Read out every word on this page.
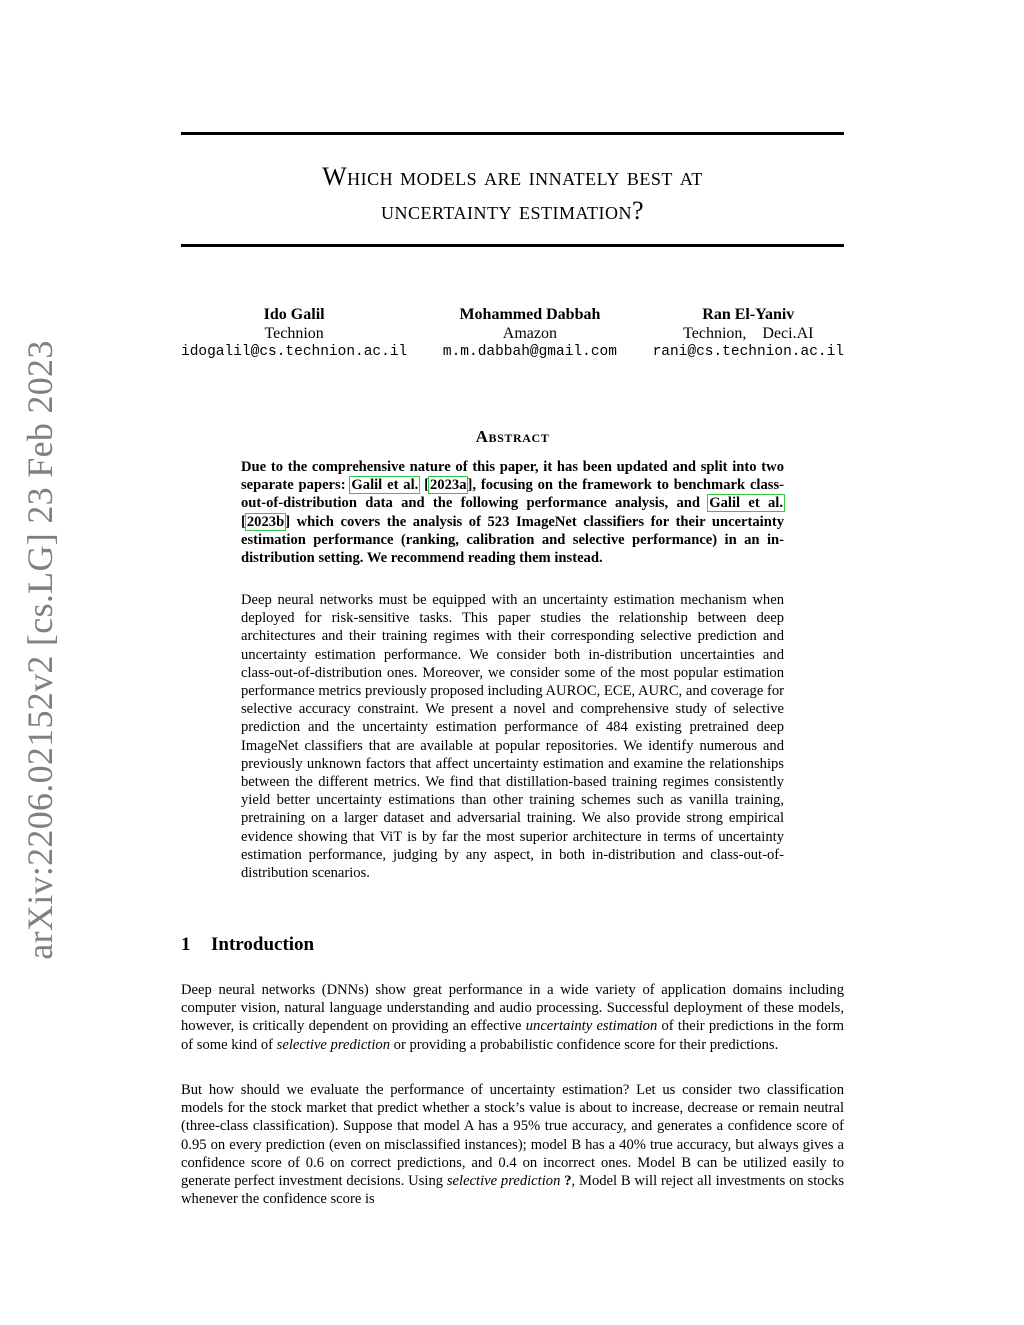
arXiv:2206.02152v2 [cs.LG] 23 Feb 2023
Which models are innately best at
uncertainty estimation?
Ido Galil
Technion
idogalil@cs.technion.ac.il
Mohammed Dabbah
Amazon
m.m.dabbah@gmail.com
Ran El-Yaniv
Technion,    Deci.AI
rani@cs.technion.ac.il
Abstract

Due to the comprehensive nature of this paper, it has been updated and split into two separate papers: Galil et al. [2023a], focusing on the framework to benchmark class-out-of-distribution data and the following performance analysis, and Galil et al. [2023b] which covers the analysis of 523 ImageNet classifiers for their uncertainty estimation performance (ranking, calibration and selective performance) in an in-distribution setting. We recommend reading them instead.

Deep neural networks must be equipped with an uncertainty estimation mechanism when deployed for risk-sensitive tasks. This paper studies the relationship between deep architectures and their training regimes with their corresponding selective prediction and uncertainty estimation performance. We consider both in-distribution uncertainties and class-out-of-distribution ones. Moreover, we consider some of the most popular estimation performance metrics previously proposed including AUROC, ECE, AURC, and coverage for selective accuracy constraint. We present a novel and comprehensive study of selective prediction and the uncertainty estimation performance of 484 existing pretrained deep ImageNet classifiers that are available at popular repositories. We identify numerous and previously unknown factors that affect uncertainty estimation and examine the relationships between the different metrics. We find that distillation-based training regimes consistently yield better uncertainty estimations than other training schemes such as vanilla training, pretraining on a larger dataset and adversarial training. We also provide strong empirical evidence showing that ViT is by far the most superior architecture in terms of uncertainty estimation performance, judging by any aspect, in both in-distribution and class-out-of-distribution scenarios.

1 Introduction

Deep neural networks (DNNs) show great performance in a wide variety of application domains including computer vision, natural language understanding and audio processing. Successful deployment of these models, however, is critically dependent on providing an effective uncertainty estimation of their predictions in the form of some kind of selective prediction or providing a probabilistic confidence score for their predictions.

But how should we evaluate the performance of uncertainty estimation? Let us consider two classification models for the stock market that predict whether a stock’s value is about to increase, decrease or remain neutral (three-class classification). Suppose that model A has a 95% true accuracy, and generates a confidence score of 0.95 on every prediction (even on misclassified instances); model B has a 40% true accuracy, but always gives a confidence score of 0.6 on correct predictions, and 0.4 on incorrect ones. Model B can be utilized easily to generate perfect investment decisions. Using selective prediction ?, Model B will reject all investments on stocks whenever the confidence score is
